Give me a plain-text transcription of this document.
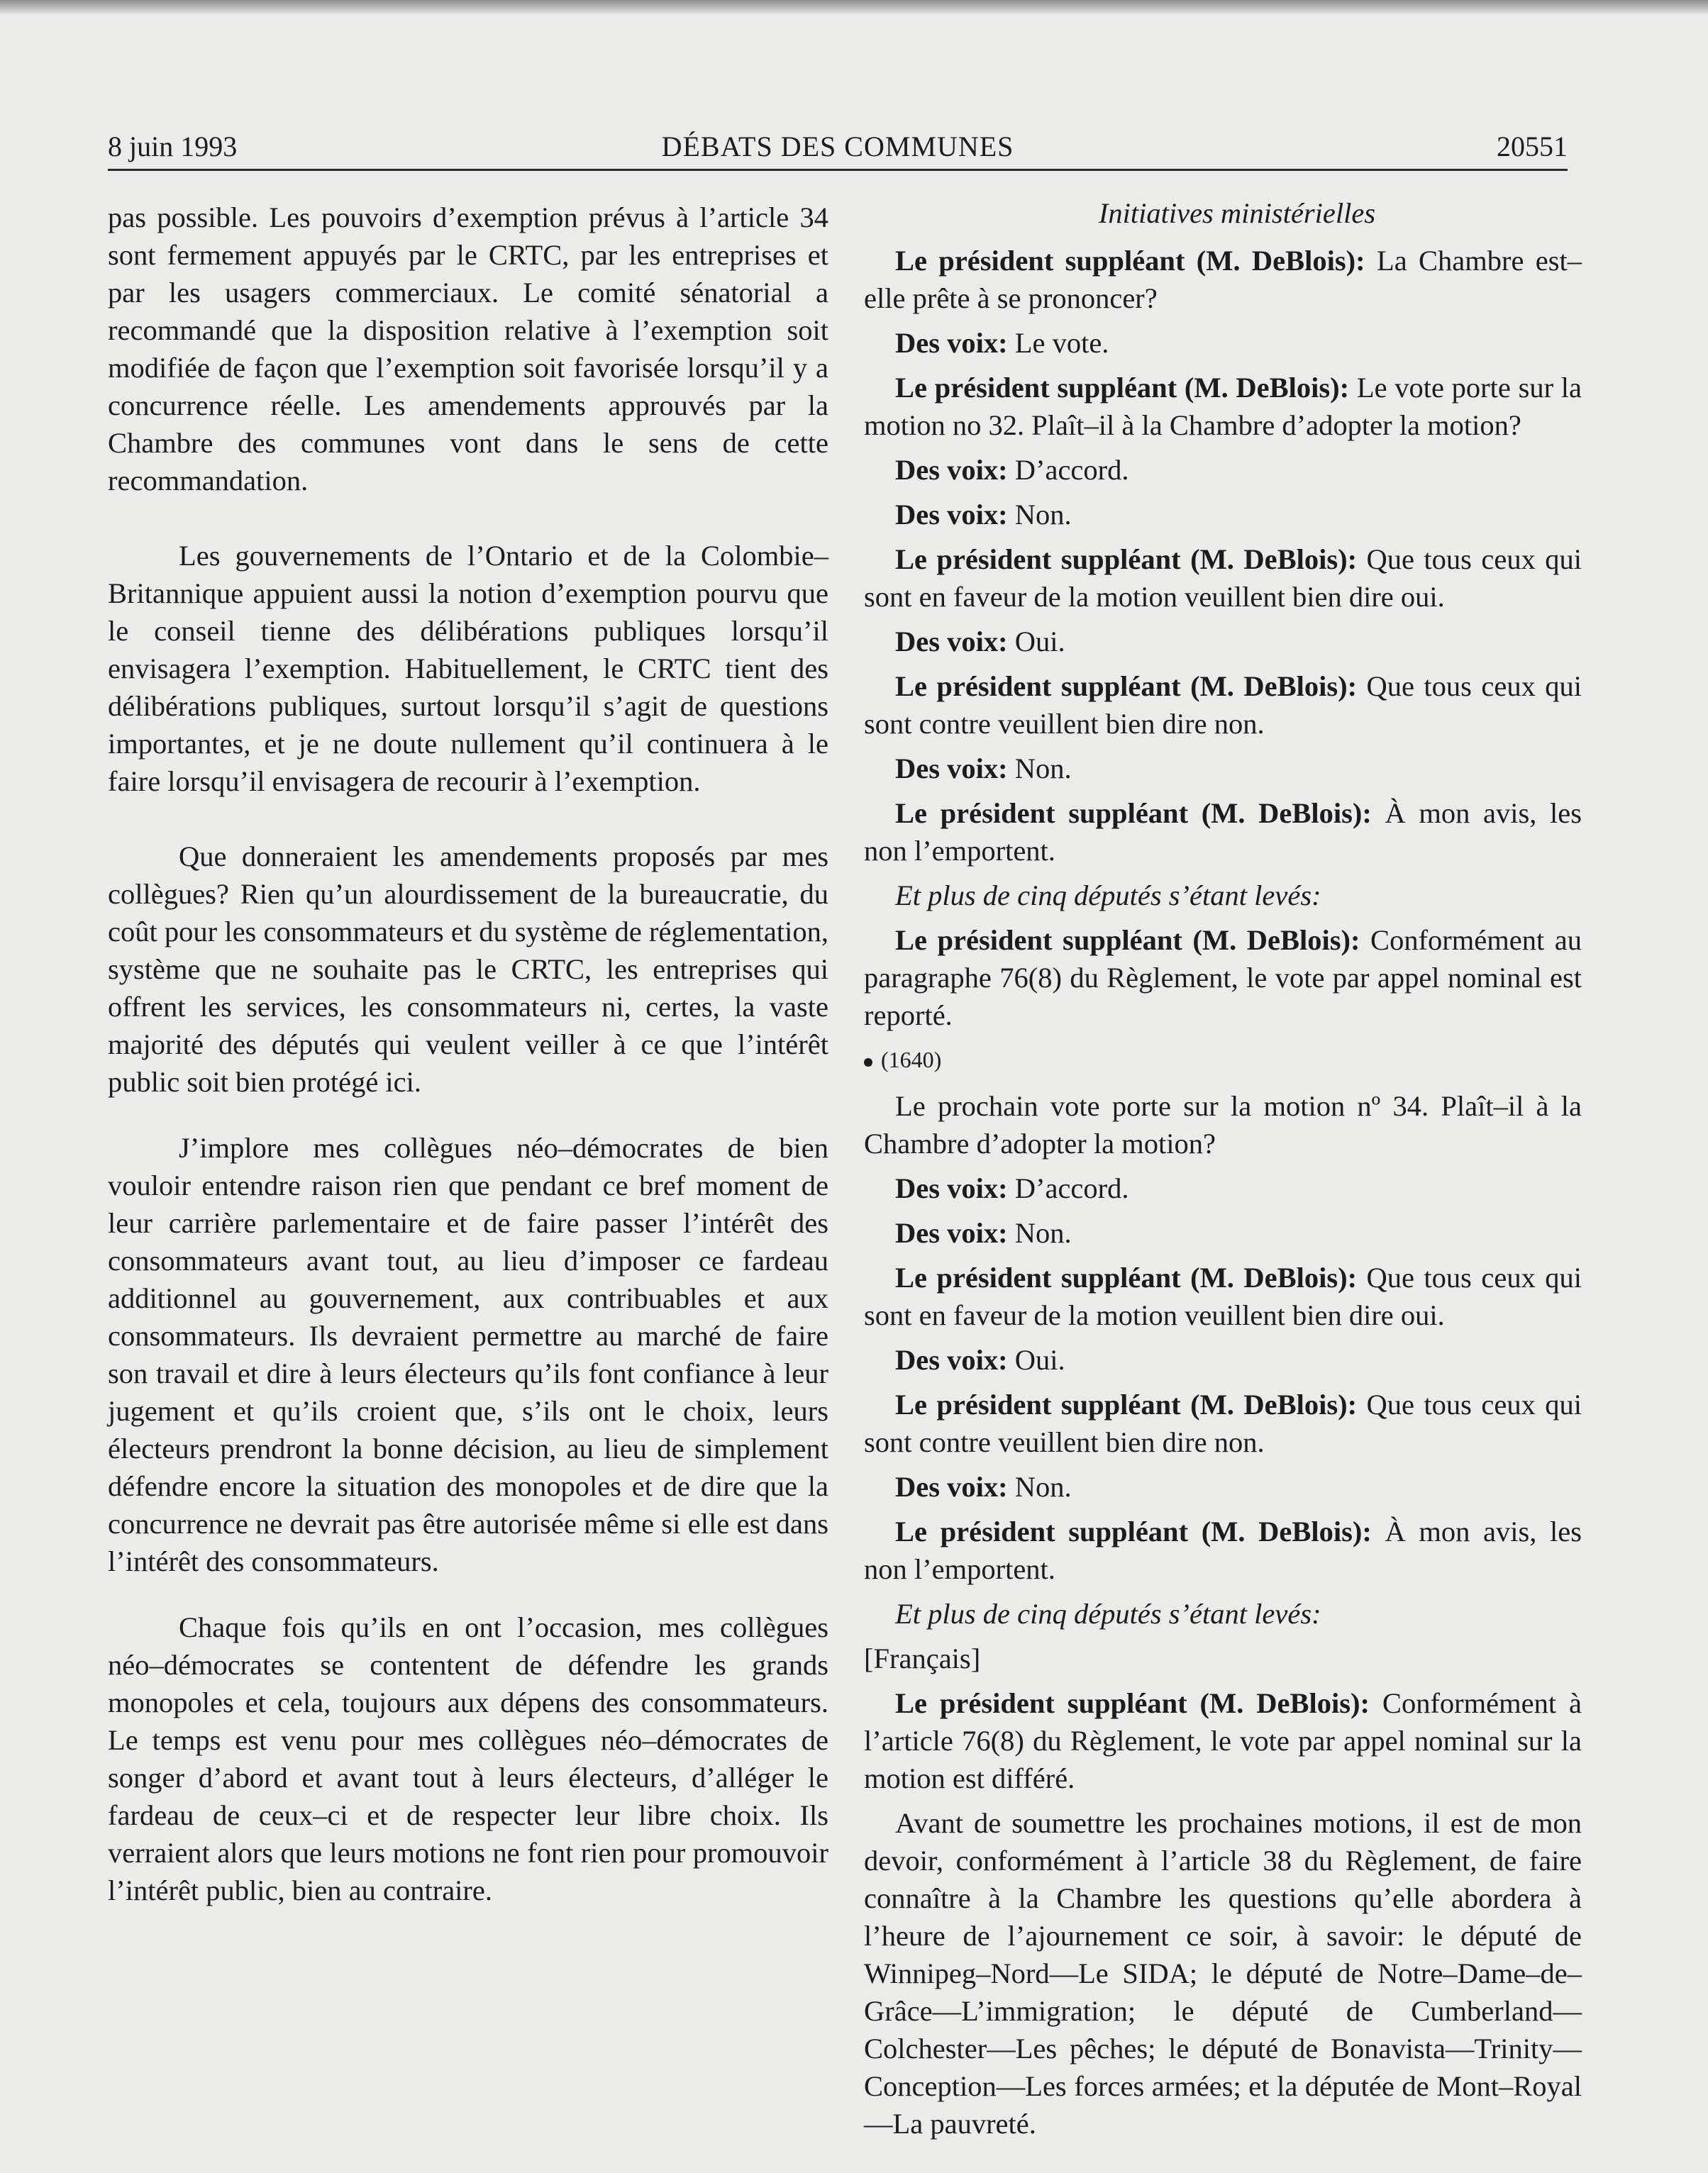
8 juin 1993	DÉBATS DES COMMUNES	20551

pas possible. Les pouvoirs d’exemption prévus à l’article 34 sont fermement appuyés par le CRTC, par les entreprises et par les usagers commerciaux. Le comité sénatorial a recommandé que la disposition relative à l’exemption soit modifiée de façon que l’exemption soit favorisée lorsqu’il y a concurrence réelle. Les amendements approuvés par la Chambre des communes vont dans le sens de cette recommandation.

Les gouvernements de l’Ontario et de la Colombie–Britannique appuient aussi la notion d’exemption pourvu que le conseil tienne des délibérations publiques lorsqu’il envisagera l’exemption. Habituellement, le CRTC tient des délibérations publiques, surtout lorsqu’il s’agit de questions importantes, et je ne doute nullement qu’il continuera à le faire lorsqu’il envisagera de recourir à l’exemption.

Que donneraient les amendements proposés par mes collègues? Rien qu’un alourdissement de la bureaucratie, du coût pour les consommateurs et du système de réglementation, système que ne souhaite pas le CRTC, les entreprises qui offrent les services, les consommateurs ni, certes, la vaste majorité des députés qui veulent veiller à ce que l’intérêt public soit bien protégé ici.

J’implore mes collègues néo–démocrates de bien vouloir entendre raison rien que pendant ce bref moment de leur carrière parlementaire et de faire passer l’intérêt des consommateurs avant tout, au lieu d’imposer ce fardeau additionnel au gouvernement, aux contribuables et aux consommateurs. Ils devraient permettre au marché de faire son travail et dire à leurs électeurs qu’ils font confiance à leur jugement et qu’ils croient que, s’ils ont le choix, leurs électeurs prendront la bonne décision, au lieu de simplement défendre encore la situation des monopoles et de dire que la concurrence ne devrait pas être autorisée même si elle est dans l’intérêt des consommateurs.

Chaque fois qu’ils en ont l’occasion, mes collègues néo–démocrates se contentent de défendre les grands monopoles et cela, toujours aux dépens des consommateurs. Le temps est venu pour mes collègues néo–démocrates de songer d’abord et avant tout à leurs électeurs, d’alléger le fardeau de ceux–ci et de respecter leur libre choix. Ils verraient alors que leurs motions ne font rien pour promouvoir l’intérêt public, bien au contraire.

Initiatives ministérielles

Le président suppléant (M. DeBlois): La Chambre est–elle prête à se prononcer?

Des voix: Le vote.

Le président suppléant (M. DeBlois): Le vote porte sur la motion no 32. Plaît–il à la Chambre d’adopter la motion?

Des voix: D’accord.

Des voix: Non.

Le président suppléant (M. DeBlois): Que tous ceux qui sont en faveur de la motion veuillent bien dire oui.

Des voix: Oui.

Le président suppléant (M. DeBlois): Que tous ceux qui sont contre veuillent bien dire non.

Des voix: Non.

Le président suppléant (M. DeBlois): À mon avis, les non l’emportent.

Et plus de cinq députés s’étant levés:

Le président suppléant (M. DeBlois): Conformément au paragraphe 76(8) du Règlement, le vote par appel nominal est reporté.

(1640)

Le prochain vote porte sur la motion nº 34. Plaît–il à la Chambre d’adopter la motion?

Des voix: D’accord.

Des voix: Non.

Le président suppléant (M. DeBlois): Que tous ceux qui sont en faveur de la motion veuillent bien dire oui.

Des voix: Oui.

Le président suppléant (M. DeBlois): Que tous ceux qui sont contre veuillent bien dire non.

Des voix: Non.

Le président suppléant (M. DeBlois): À mon avis, les non l’emportent.

Et plus de cinq députés s’étant levés:

[Français]

Le président suppléant (M. DeBlois): Conformément à l’article 76(8) du Règlement, le vote par appel nominal sur la motion est différé.

Avant de soumettre les prochaines motions, il est de mon devoir, conformément à l’article 38 du Règlement, de faire connaître à la Chambre les questions qu’elle abordera à l’heure de l’ajournement ce soir, à savoir: le député de Winnipeg–Nord—Le SIDA; le député de Notre–Dame–de–Grâce—L’immigration; le député de Cumberland—Colchester—Les pêches; le député de Bonavista—Trinity—Conception—Les forces armées; et la députée de Mont–Royal—La pauvreté.
